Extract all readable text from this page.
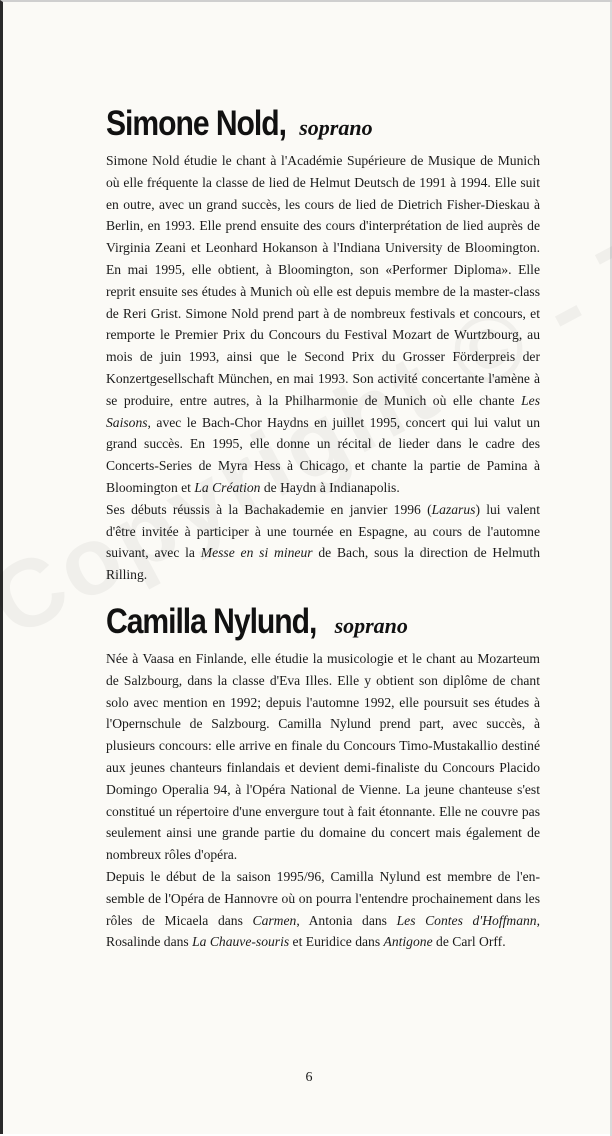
Simone Nold, soprano

Simone Nold étudie le chant à l'Académie Supérieure de Musique de Munich où elle fréquente la classe de lied de Helmut Deutsch de 1991 à 1994. Elle suit en outre, avec un grand succès, les cours de lied de Dietrich Fisher-Dieskau à Berlin, en 1993. Elle prend ensuite des cours d'interprétation de lied auprès de Virginia Zeani et Leonhard Hokanson à l'Indiana University de Bloomington. En mai 1995, elle obtient, à Bloomington, son «Performer Diploma». Elle reprit ensuite ses études à Munich où elle est depuis membre de la master-class de Reri Grist. Simone Nold prend part à de nombreux festivals et concours, et remporte le Premier Prix du Concours du Festival Mozart de Wurtzbourg, au mois de juin 1993, ainsi que le Second Prix du Grosser Förderpreis der Konzertgesellschaft München, en mai 1993. Son activité concertante l'amène à se produire, entre autres, à la Philharmonie de Munich où elle chante Les Saisons, avec le Bach-Chor Haydns en juillet 1995, concert qui lui valut un grand succès. En 1995, elle donne un récital de lieder dans le cadre des Concerts-Series de Myra Hess à Chicago, et chante la partie de Pamina à Bloomington et La Création de Haydn à Indianapolis.

Ses débuts réussis à la Bachakademie en janvier 1996 (Lazarus) lui valent d'être invitée à participer à une tournée en Espagne, au cours de l'automne suivant, avec la Messe en si mineur de Bach, sous la direction de Helmuth Rilling.

Camilla Nylund, soprano

Née à Vaasa en Finlande, elle étudie la musicologie et le chant au Mozarteum de Salzbourg, dans la classe d'Eva Illes. Elle y obtient son diplôme de chant solo avec mention en 1992; depuis l'automne 1992, elle poursuit ses études à l'Opernschule de Salzbourg. Camilla Nylund prend part, avec succès, à plusieurs concours: elle arrive en finale du Concours Timo-Mustakallio destiné aux jeunes chanteurs finlandais et devient demi-finaliste du Concours Placido Domingo Operalia 94, à l'Opéra National de Vienne. La jeune chanteuse s'est constitué un répertoire d'une envergure tout à fait étonnante. Elle ne couvre pas seulement ainsi une grande partie du domaine du concert mais également de nombreux rôles d'opéra.

Depuis le début de la saison 1995/96, Camilla Nylund est membre de l'ensemble de l'Opéra de Hannovre où on pourra l'entendre prochainement dans les rôles de Micaela dans Carmen, Antonia dans Les Contes d'Hoffmann, Rosalinde dans La Chauve-souris et Euridice dans Antigone de Carl Orff.

6
